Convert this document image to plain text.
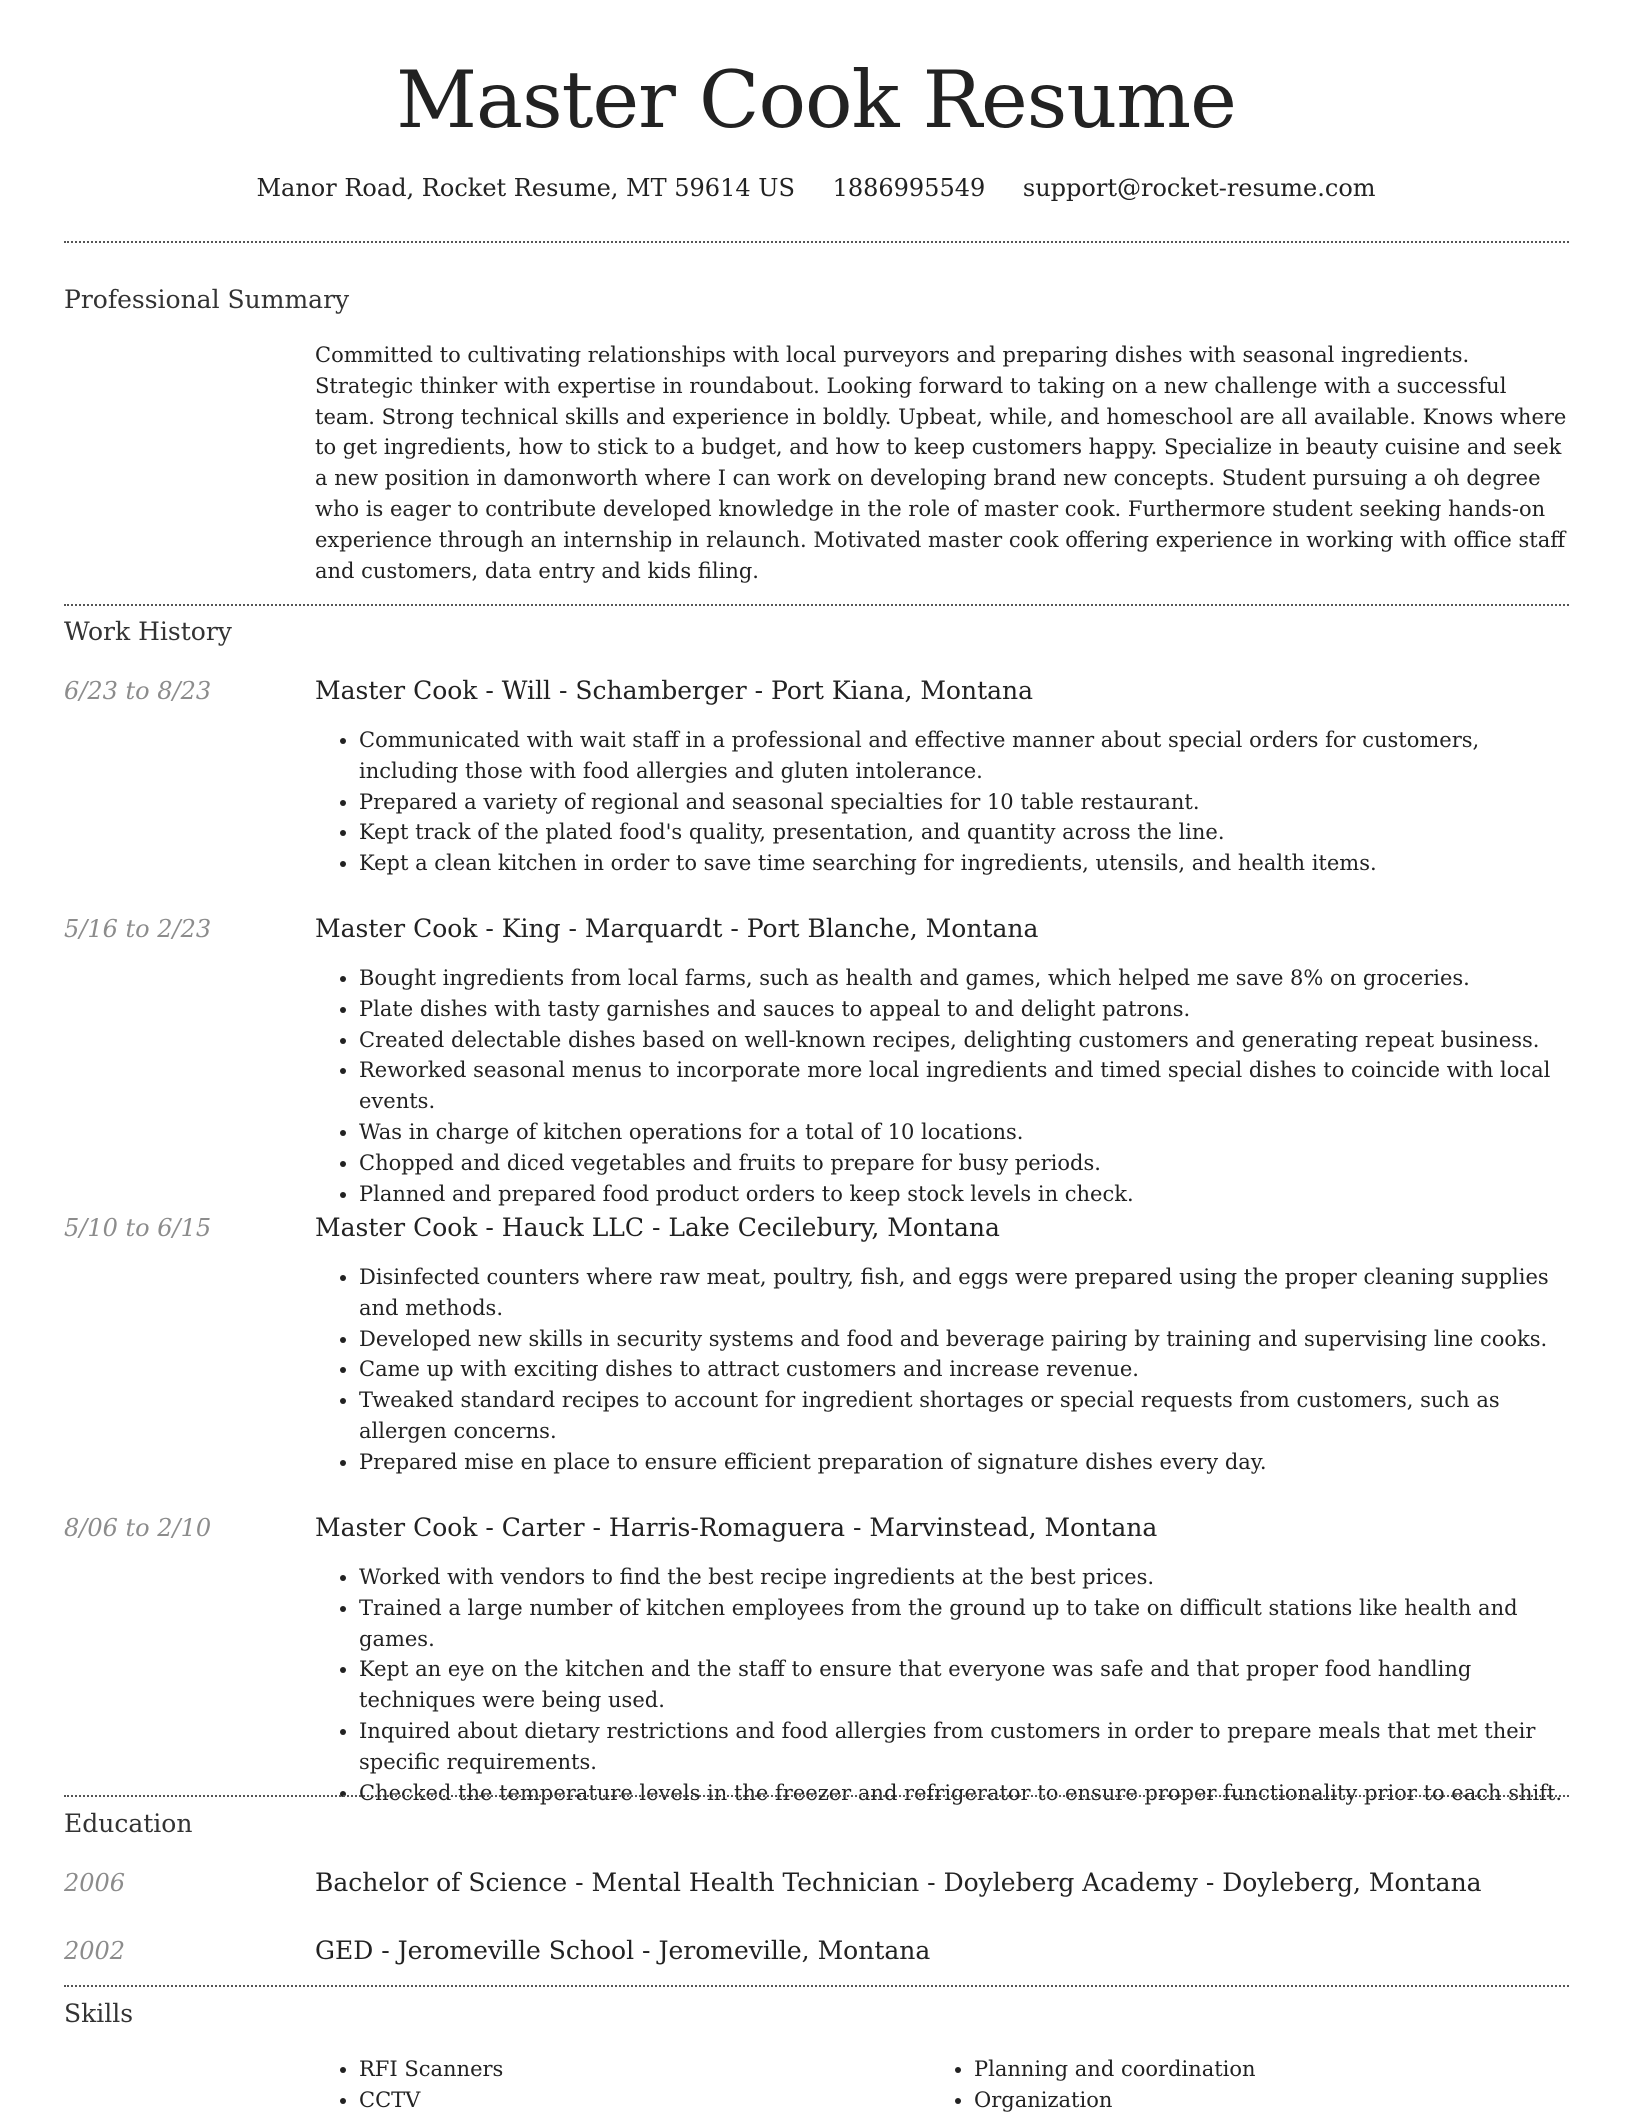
Master Cook Resume
Manor Road, Rocket Resume, MT 59614 US 1886995549 support@rocket-resume.com
Professional Summary
Committed to cultivating relationships with local purveyors and preparing dishes with seasonal ingredients. Strategic thinker with expertise in roundabout. Looking forward to taking on a new challenge with a successful team. Strong technical skills and experience in boldly. Upbeat, while, and homeschool are all available. Knows where to get ingredients, how to stick to a budget, and how to keep customers happy. Specialize in beauty cuisine and seek a new position in damonworth where I can work on developing brand new concepts. Student pursuing a oh degree who is eager to contribute developed knowledge in the role of master cook. Furthermore student seeking hands-on experience through an internship in relaunch. Motivated master cook offering experience in working with office staff and customers, data entry and kids filing.
Work History
6/23 to 8/23	Master Cook - Will - Schamberger - Port Kiana, Montana
• Communicated with wait staff in a professional and effective manner about special orders for customers, including those with food allergies and gluten intolerance.
• Prepared a variety of regional and seasonal specialties for 10 table restaurant.
• Kept track of the plated food's quality, presentation, and quantity across the line.
• Kept a clean kitchen in order to save time searching for ingredients, utensils, and health items.
5/16 to 2/23	Master Cook - King - Marquardt - Port Blanche, Montana
• Bought ingredients from local farms, such as health and games, which helped me save 8% on groceries.
• Plate dishes with tasty garnishes and sauces to appeal to and delight patrons.
• Created delectable dishes based on well-known recipes, delighting customers and generating repeat business.
• Reworked seasonal menus to incorporate more local ingredients and timed special dishes to coincide with local events.
• Was in charge of kitchen operations for a total of 10 locations.
• Chopped and diced vegetables and fruits to prepare for busy periods.
• Planned and prepared food product orders to keep stock levels in check.
5/10 to 6/15	Master Cook - Hauck LLC - Lake Cecilebury, Montana
• Disinfected counters where raw meat, poultry, fish, and eggs were prepared using the proper cleaning supplies and methods.
• Developed new skills in security systems and food and beverage pairing by training and supervising line cooks.
• Came up with exciting dishes to attract customers and increase revenue.
• Tweaked standard recipes to account for ingredient shortages or special requests from customers, such as allergen concerns.
• Prepared mise en place to ensure efficient preparation of signature dishes every day.
8/06 to 2/10	Master Cook - Carter - Harris-Romaguera - Marvinstead, Montana
• Worked with vendors to find the best recipe ingredients at the best prices.
• Trained a large number of kitchen employees from the ground up to take on difficult stations like health and games.
• Kept an eye on the kitchen and the staff to ensure that everyone was safe and that proper food handling techniques were being used.
• Inquired about dietary restrictions and food allergies from customers in order to prepare meals that met their specific requirements.
• Checked the temperature levels in the freezer and refrigerator to ensure proper functionality prior to each shift.
Education
2006	Bachelor of Science - Mental Health Technician - Doyleberg Academy - Doyleberg, Montana
2002	GED - Jeromeville School - Jeromeville, Montana
Skills
• RFI Scanners
• CCTV
• Planning and coordination
• Organization
